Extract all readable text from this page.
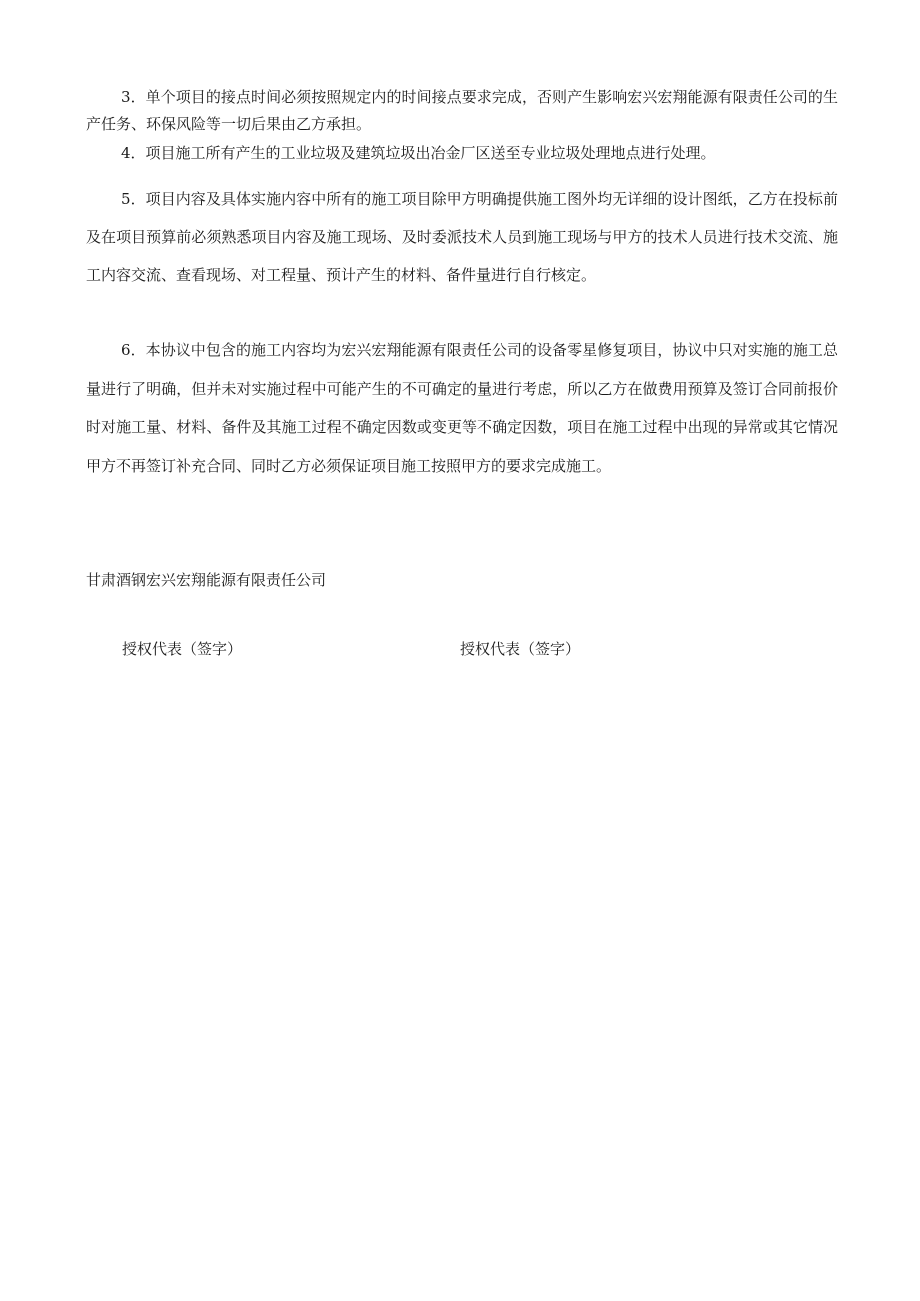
3．单个项目的接点时间必须按照规定内的时间接点要求完成，否则产生影响宏兴宏翔能源有限责任公司的生产任务、环保风险等一切后果由乙方承担。

4．项目施工所有产生的工业垃圾及建筑垃圾出冶金厂区送至专业垃圾处理地点进行处理。

5．项目内容及具体实施内容中所有的施工项目除甲方明确提供施工图外均无详细的设计图纸，乙方在投标前及在项目预算前必须熟悉项目内容及施工现场、及时委派技术人员到施工现场与甲方的技术人员进行技术交流、施工内容交流、查看现场、对工程量、预计产生的材料、备件量进行自行核定。

6．本协议中包含的施工内容均为宏兴宏翔能源有限责任公司的设备零星修复项目，协议中只对实施的施工总量进行了明确，但并未对实施过程中可能产生的不可确定的量进行考虑，所以乙方在做费用预算及签订合同前报价时对施工量、材料、备件及其施工过程不确定因数或变更等不确定因数，项目在施工过程中出现的异常或其它情况甲方不再签订补充合同、同时乙方必须保证项目施工按照甲方的要求完成施工。

甘肃酒钢宏兴宏翔能源有限责任公司

授权代表（签字）	授权代表（签字）
